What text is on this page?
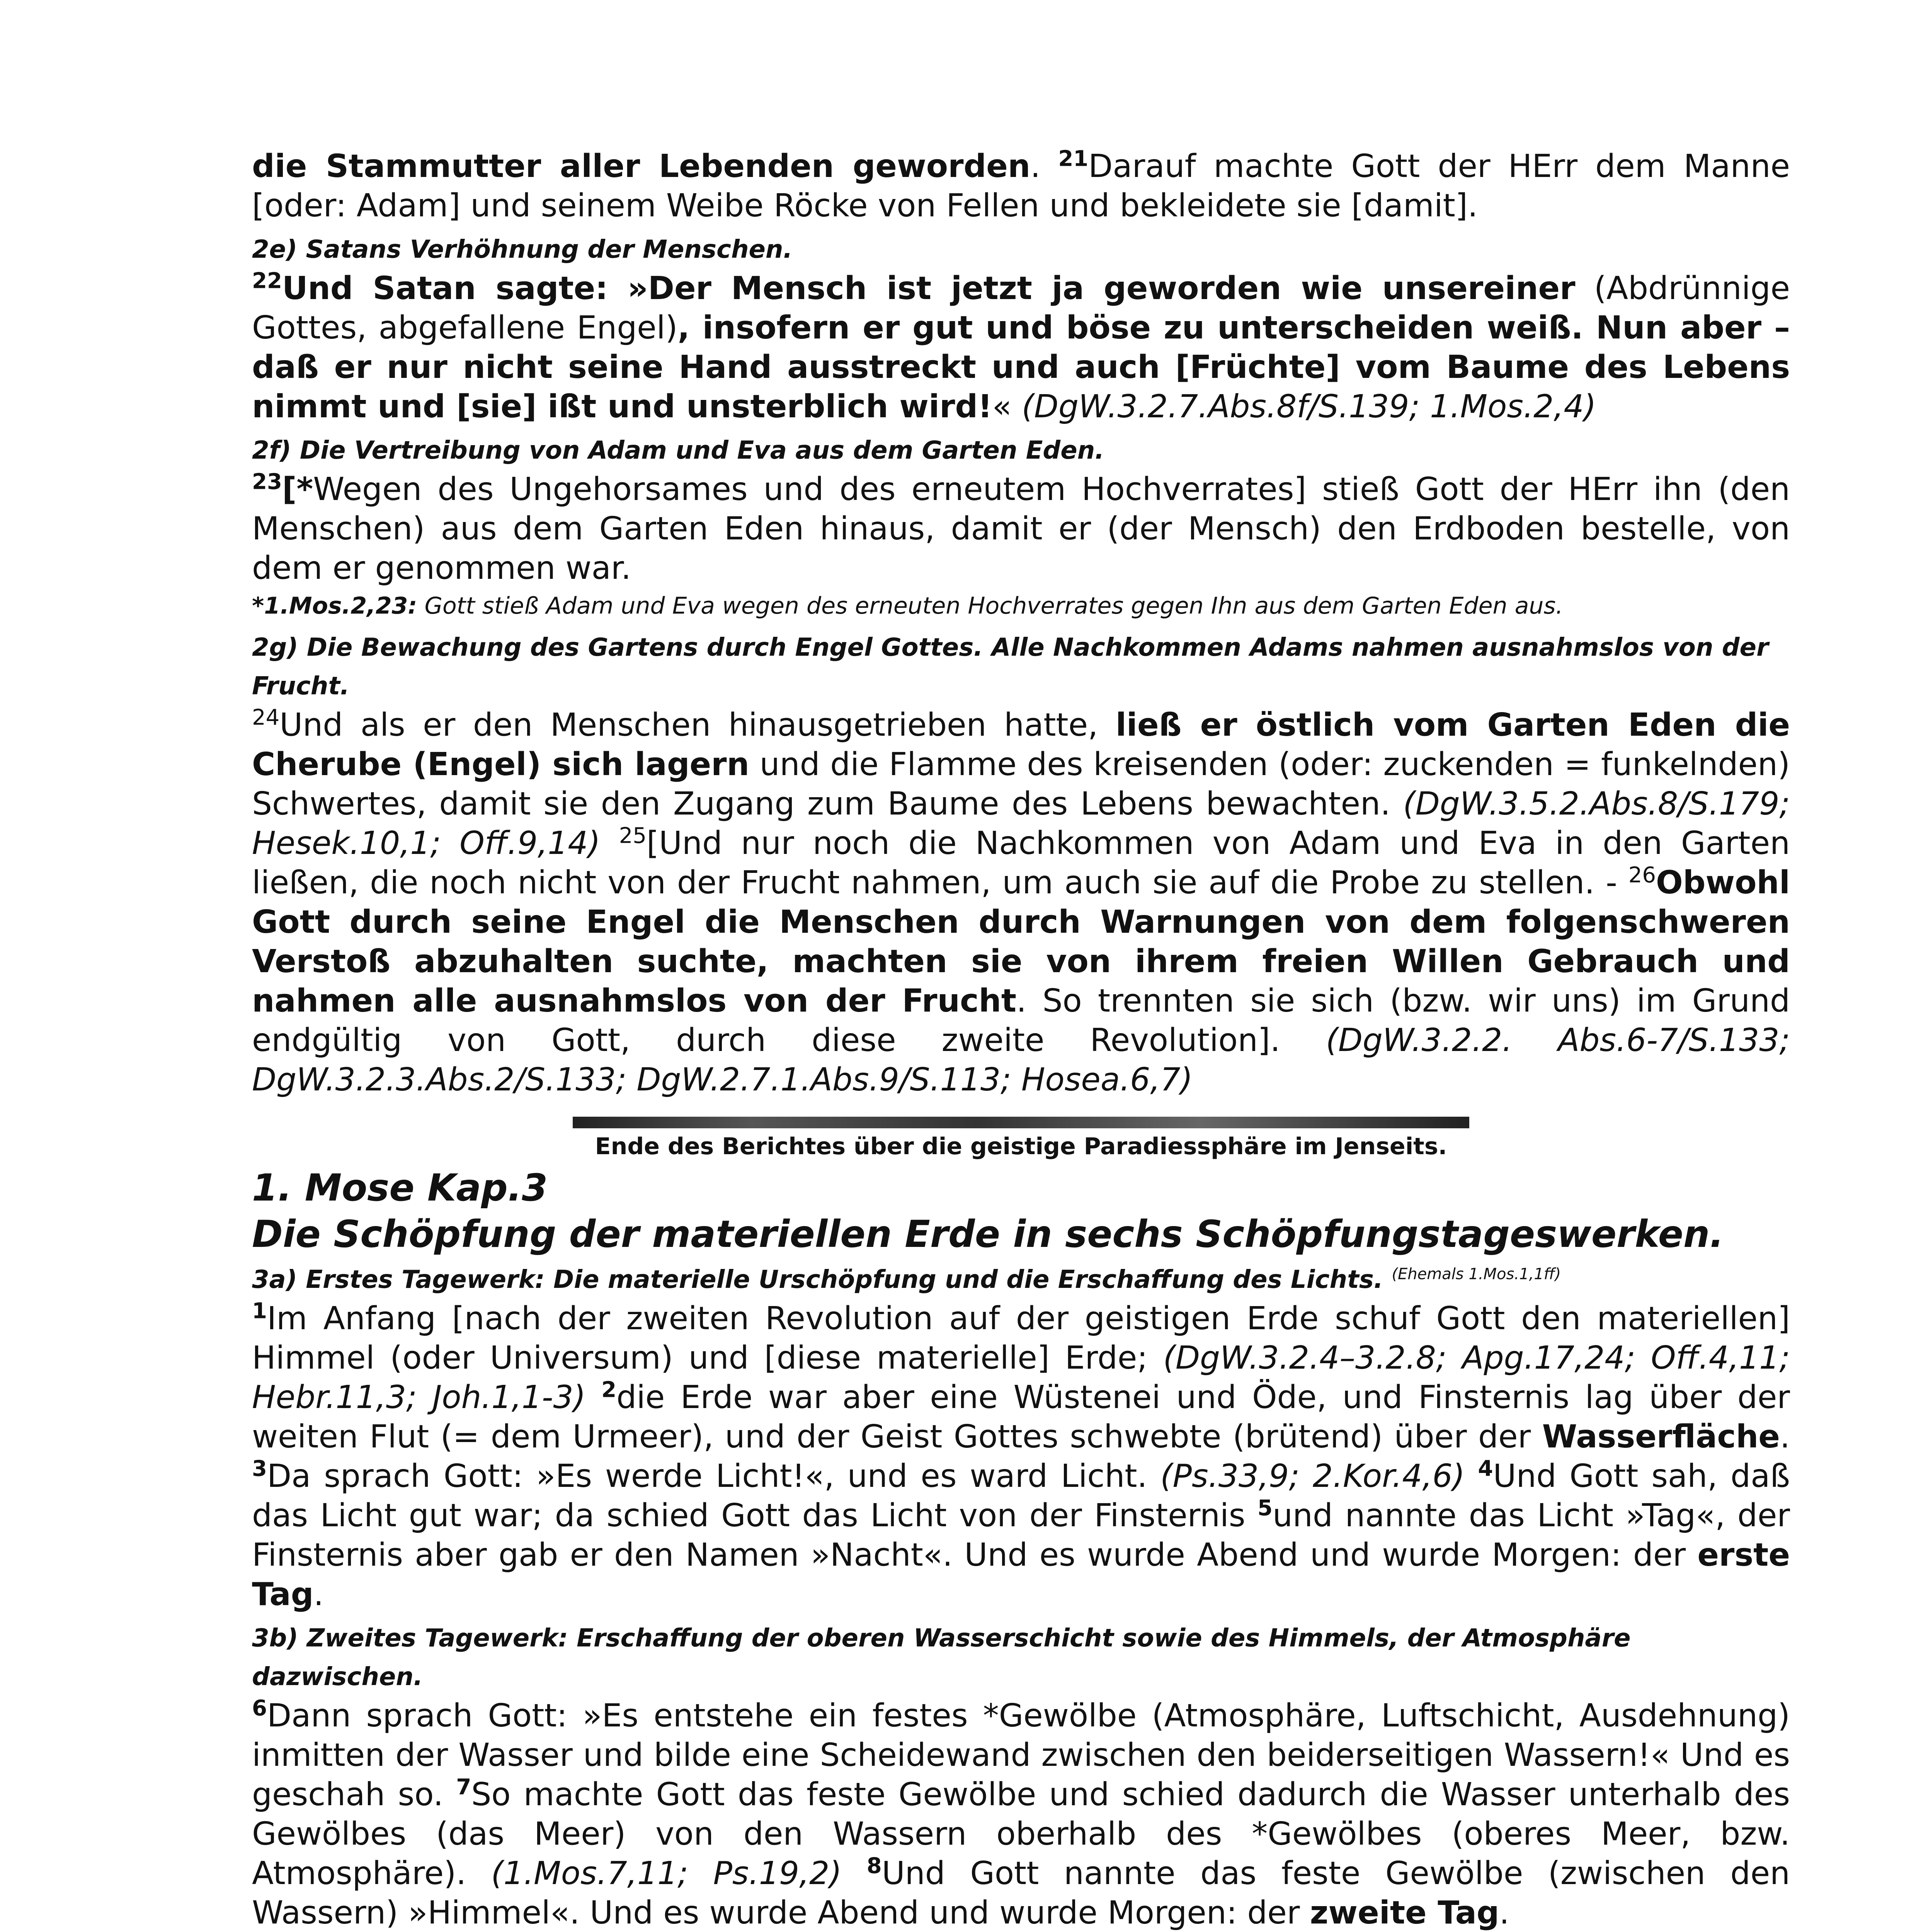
die Stammutter aller Lebenden geworden. $^{21}$Darauf machte Gott der HErr dem Manne [oder: Adam] und seinem Weibe Röcke von Fellen und bekleidete sie [damit].

2e) Satans Verhöhnung der Menschen.

$^{22}$Und Satan sagte: »Der Mensch ist jetzt ja geworden wie unsereiner (Abdrünnige Gottes, abgefallene Engel), insofern er gut und böse zu unterscheiden weiß. Nun aber – daß er nur nicht seine Hand ausstreckt und auch [Früchte] vom Baume des Lebens nimmt und [sie] ißt und unsterblich wird!« (DgW.3.2.7.Abs.8f/S.139; 1.Mos.2,4)

2f) Die Vertreibung von Adam und Eva aus dem Garten Eden.

$^{23}$[*Wegen des Ungehorsames und des erneutem Hochverrates] stieß Gott der HErr ihn (den Menschen) aus dem Garten Eden hinaus, damit er (der Mensch) den Erdboden bestelle, von dem er genommen war.

*1.Mos.2,23: Gott stieß Adam und Eva wegen des erneuten Hochverrates gegen Ihn aus dem Garten Eden aus.

2g) Die Bewachung des Gartens durch Engel Gottes. Alle Nachkommen Adams nahmen ausnahmslos von der Frucht.

$^{24}$Und als er den Menschen hinausgetrieben hatte, ließ er östlich vom Garten Eden die Cherube (Engel) sich lagern und die Flamme des kreisenden (oder: zuckenden = funkelnden) Schwertes, damit sie den Zugang zum Baume des Lebens bewachten. (DgW.3.5.2.Abs.8/S.179; Hesek.10,1; Off.9,14) $^{25}$[Und nur noch die Nachkommen von Adam und Eva in den Garten ließen, die noch nicht von der Frucht nahmen, um auch sie auf die Probe zu stellen. - $^{26}$Obwohl Gott durch seine Engel die Menschen durch Warnungen von dem folgenschweren Verstoß abzuhalten suchte, machten sie von ihrem freien Willen Gebrauch und nahmen alle ausnahmslos von der Frucht. So trennten sie sich (bzw. wir uns) im Grund endgültig von Gott, durch diese zweite Revolution]. (DgW.3.2.2. Abs.6-7/S.133; DgW.3.2.3.Abs.2/S.133; DgW.2.7.1.Abs.9/S.113; Hosea.6,7)

Ende des Berichtes über die geistige Paradiessphäre im Jenseits.

1. Mose Kap.3

Die Schöpfung der materiellen Erde in sechs Schöpfungstageswerken.

3a) Erstes Tagewerk: Die materielle Urschöpfung und die Erschaffung des Lichts. $^{(Ehemals 1.Mos.1,1ff)}$

$^1$Im Anfang [nach der zweiten Revolution auf der geistigen Erde schuf Gott den materiellen] Himmel (oder Universum) und [diese materielle] Erde; (DgW.3.2.4–3.2.8; Apg.17,24; Off.4,11; Hebr.11,3; Joh.1,1-3) $^2$die Erde war aber eine Wüstenei und Öde, und Finsternis lag über der weiten Flut (= dem Urmeer), und der Geist Gottes schwebte (brütend) über der Wasserfläche. $^3$Da sprach Gott: »Es werde Licht!«, und es ward Licht. (Ps.33,9; 2.Kor.4,6) $^4$Und Gott sah, daß das Licht gut war; da schied Gott das Licht von der Finsternis $^5$und nannte das Licht »Tag«, der Finsternis aber gab er den Namen »Nacht«. Und es wurde Abend und wurde Morgen: der erste Tag.

3b) Zweites Tagewerk: Erschaffung der oberen Wasserschicht sowie des Himmels, der Atmosphäre dazwischen.

$^6$Dann sprach Gott: »Es entstehe ein festes *Gewölbe (Atmosphäre, Luftschicht, Ausdehnung) inmitten der Wasser und bilde eine Scheidewand zwischen den beiderseitigen Wassern!« Und es geschah so. $^7$So machte Gott das feste Gewölbe und schied dadurch die Wasser unterhalb des Gewölbes (das Meer) von den Wassern oberhalb des *Gewölbes (oberes Meer, bzw. Atmosphäre). (1.Mos.7,11; Ps.19,2) $^8$Und Gott nannte das feste Gewölbe (zwischen den Wassern) »Himmel«. Und es wurde Abend und wurde Morgen: der zweite Tag.
